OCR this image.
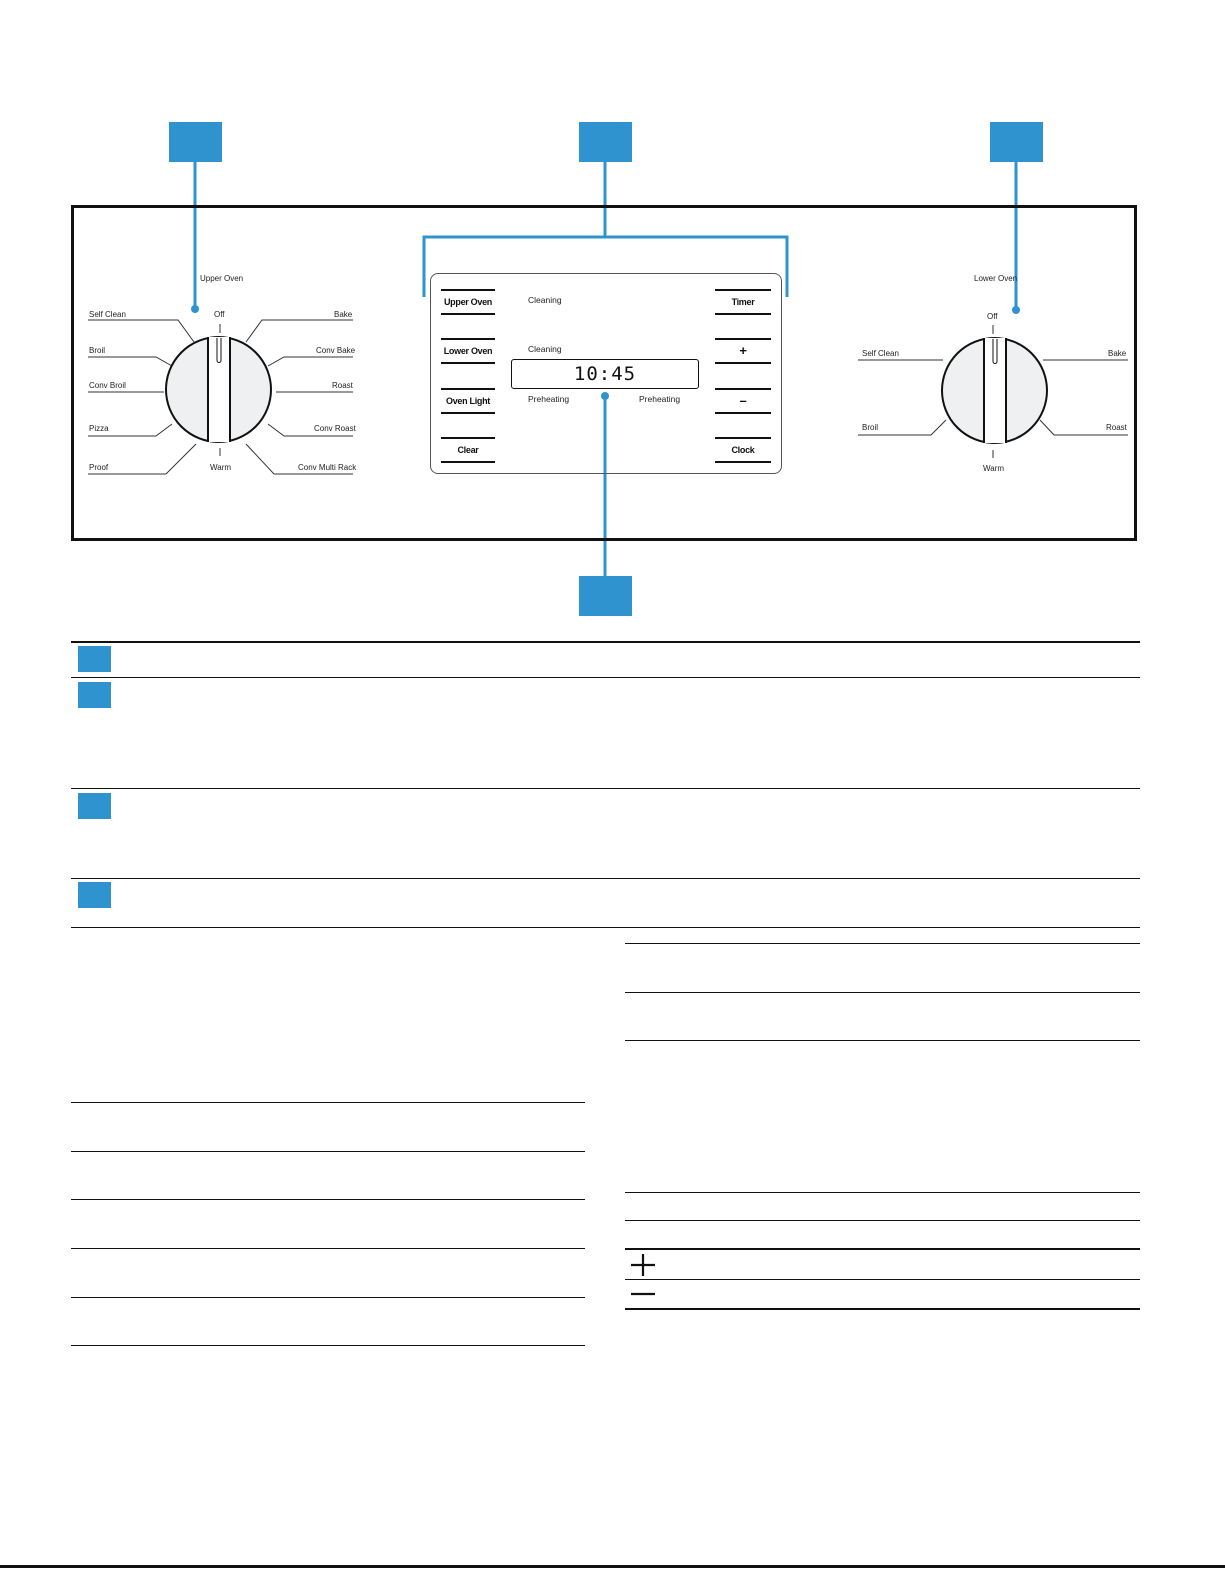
Upper Oven
Off
Warm
Self Clean
Broil
Conv Broil
Pizza
Proof
Bake
Conv Bake
Roast
Conv Roast
Conv Multi Rack
Lower Oven
Off
Warm
Self Clean
Broil
Bake
Roast
Upper Oven
Lower Oven
Oven Light
Clear
Timer
+
–
Clock
Cleaning
Cleaning
Preheating	Preheating
10:45
